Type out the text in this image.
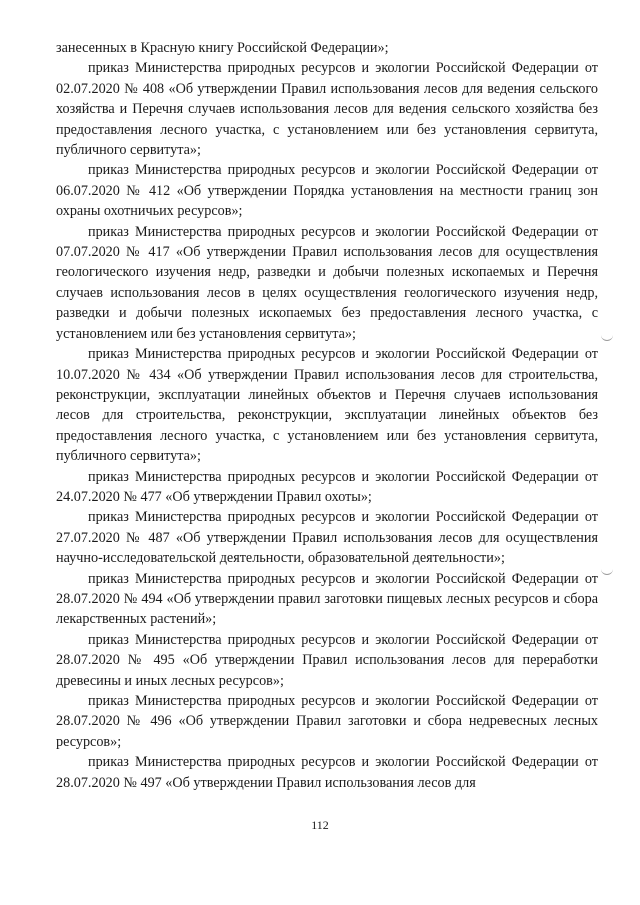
занесенных в Красную книгу Российской Федерации»;

приказ Министерства природных ресурсов и экологии Российской Федерации от 02.07.2020 № 408 «Об утверждении Правил использования лесов для ведения сельского хозяйства и Перечня случаев использования лесов для ведения сельского хозяйства без предоставления лесного участка, с установлением или без установления сервитута, публичного сервитута»;

приказ Министерства природных ресурсов и экологии Российской Федерации от 06.07.2020 № 412 «Об утверждении Порядка установления на местности границ зон охраны охотничьих ресурсов»;

приказ Министерства природных ресурсов и экологии Российской Федерации от 07.07.2020 № 417 «Об утверждении Правил использования лесов для осуществления геологического изучения недр, разведки и добычи полезных ископаемых и Перечня случаев использования лесов в целях осуществления геологического изучения недр, разведки и добычи полезных ископаемых без предоставления лесного участка, с установлением или без установления сервитута»;

приказ Министерства природных ресурсов и экологии Российской Федерации от 10.07.2020 № 434 «Об утверждении Правил использования лесов для строительства, реконструкции, эксплуатации линейных объектов и Перечня случаев использования лесов для строительства, реконструкции, эксплуатации линейных объектов без предоставления лесного участка, с установлением или без установления сервитута, публичного сервитута»;

приказ Министерства природных ресурсов и экологии Российской Федерации от 24.07.2020 № 477 «Об утверждении Правил охоты»;

приказ Министерства природных ресурсов и экологии Российской Федерации от 27.07.2020 № 487 «Об утверждении Правил использования лесов для осуществления научно-исследовательской деятельности, образовательной деятельности»;

приказ Министерства природных ресурсов и экологии Российской Федерации от 28.07.2020 № 494 «Об утверждении правил заготовки пищевых лесных ресурсов и сбора лекарственных растений»;

приказ Министерства природных ресурсов и экологии Российской Федерации от 28.07.2020 № 495 «Об утверждении Правил использования лесов для переработки древесины и иных лесных ресурсов»;

приказ Министерства природных ресурсов и экологии Российской Федерации от 28.07.2020 № 496 «Об утверждении Правил заготовки и сбора недревесных лесных ресурсов»;

приказ Министерства природных ресурсов и экологии Российской Федерации от 28.07.2020 № 497 «Об утверждении Правил использования лесов для

112
